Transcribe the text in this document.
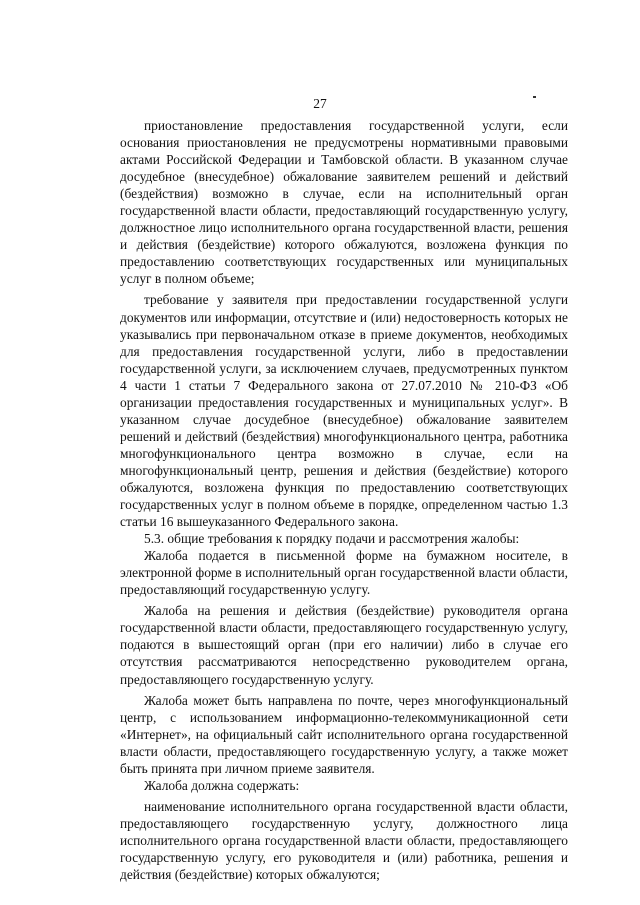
27

приостановление предоставления государственной услуги, если основания приостановления не предусмотрены нормативными правовыми актами Российской Федерации и Тамбовской области. В указанном случае досудебное (внесудебное) обжалование заявителем решений и действий (бездействия) возможно в случае, если на исполнительный орган государственной власти области, предоставляющий государственную услугу, должностное лицо исполнительного органа государственной власти, решения и действия (бездействие) которого обжалуются, возложена функция по предоставлению соответствующих государственных или муниципальных услуг в полном объеме;

требование у заявителя при предоставлении государственной услуги документов или информации, отсутствие и (или) недостоверность которых не указывались при первоначальном отказе в приеме документов, необходимых для предоставления государственной услуги, либо в предоставлении государственной услуги, за исключением случаев, предусмотренных пунктом 4 части 1 статьи 7 Федерального закона от 27.07.2010 № 210-ФЗ «Об организации предоставления государственных и муниципальных услуг». В указанном случае досудебное (внесудебное) обжалование заявителем решений и действий (бездействия) многофункционального центра, работника многофункционального центра возможно в случае, если на многофункциональный центр, решения и действия (бездействие) которого обжалуются, возложена функция по предоставлению соответствующих государственных услуг в полном объеме в порядке, определенном частью 1.3 статьи 16 вышеуказанного Федерального закона.

5.3. общие требования к порядку подачи и рассмотрения жалобы:

Жалоба подается в письменной форме на бумажном носителе, в электронной форме в исполнительный орган государственной власти области, предоставляющий государственную услугу.

Жалоба на решения и действия (бездействие) руководителя органа государственной власти области, предоставляющего государственную услугу, подаются в вышестоящий орган (при его наличии) либо в случае его отсутствия рассматриваются непосредственно руководителем органа, предоставляющего государственную услугу.

Жалоба может быть направлена по почте, через многофункциональный центр, с использованием информационно-телекоммуникационной сети «Интернет», на официальный сайт исполнительного органа государственной власти области, предоставляющего государственную услугу, а также может быть принята при личном приеме заявителя.

Жалоба должна содержать:

наименование исполнительного органа государственной власти области, предоставляющего государственную услугу, должностного лица исполнительного органа государственной власти области, предоставляющего государственную услугу, его руководителя и (или) работника, решения и действия (бездействие) которых обжалуются;
